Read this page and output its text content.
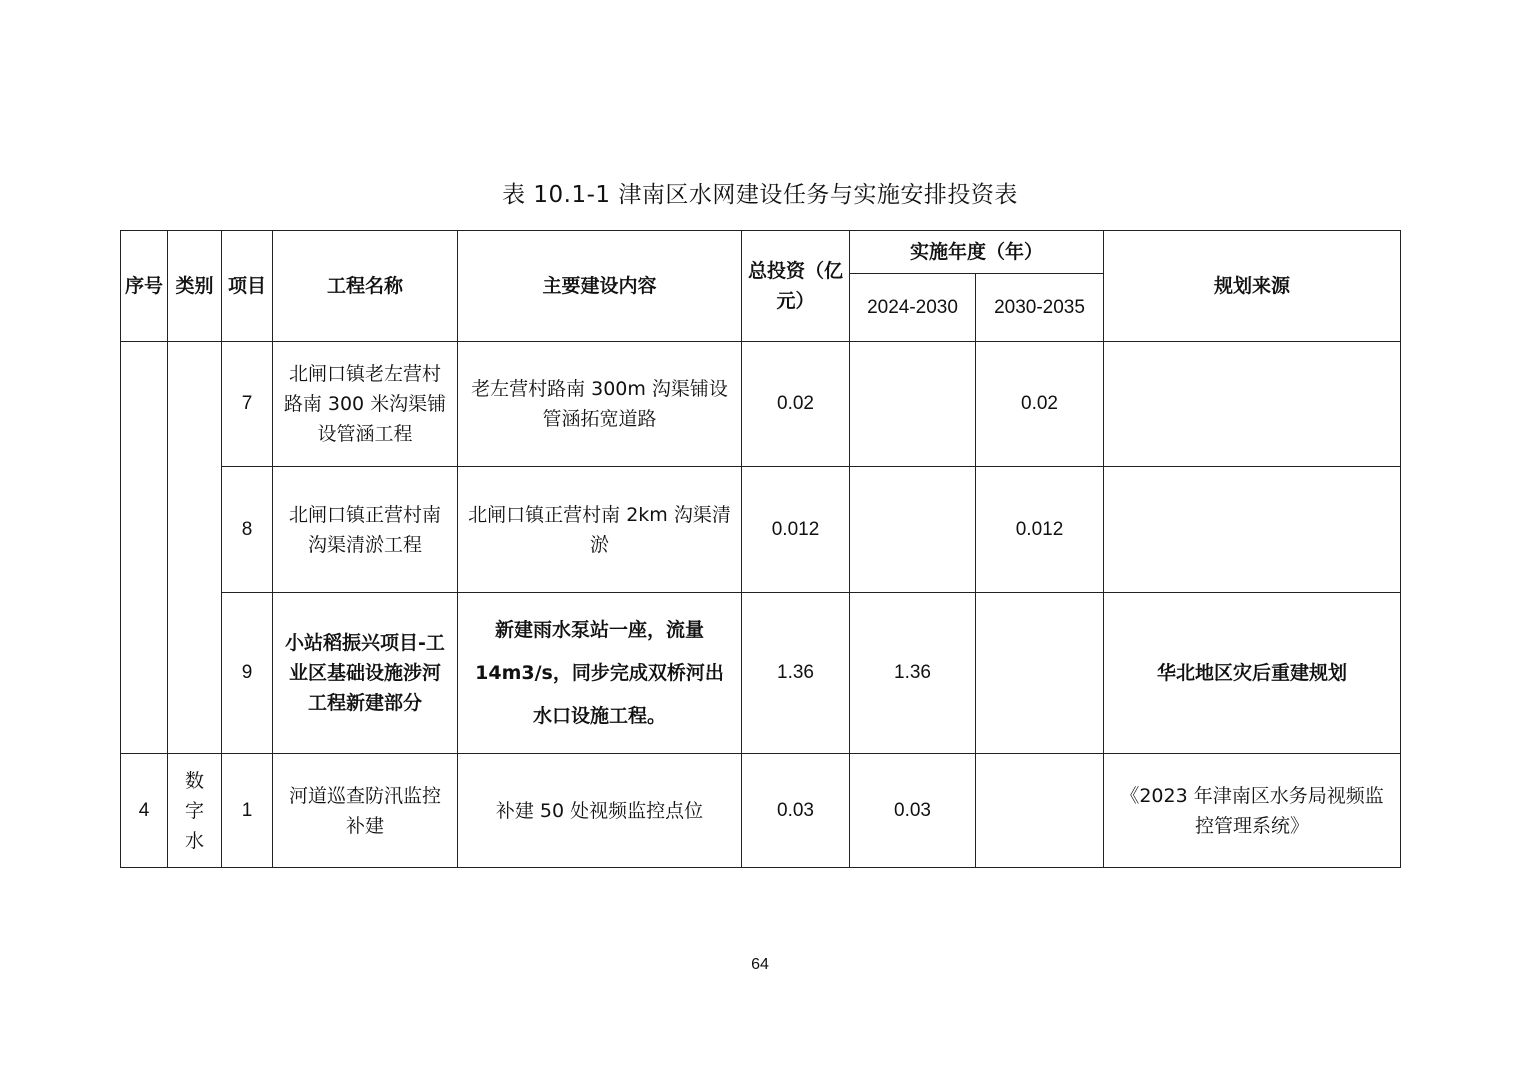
表 10.1-1 津南区水网建设任务与实施安排投资表
序号	类别	项目	工程名称	主要建设内容	总投资（亿元）	实施年度（年）		规划来源
						2024-2030	2030-2035	
		7	北闸口镇老左营村路南 300 米沟渠铺设管涵工程	老左营村路南 300m 沟渠铺设管涵拓宽道路	0.02		0.02	
		8	北闸口镇正营村南沟渠清淤工程	北闸口镇正营村南 2km 沟渠清淤	0.012		0.012	
		9	小站稻振兴项目-工业区基础设施涉河工程新建部分	新建雨水泵站一座，流量 14m3/s，同步完成双桥河出水口设施工程。	1.36	1.36		华北地区灾后重建规划
4	数字水	1	河道巡查防汛监控补建	补建 50 处视频监控点位	0.03	0.03		《2023 年津南区水务局视频监控管理系统》
64
